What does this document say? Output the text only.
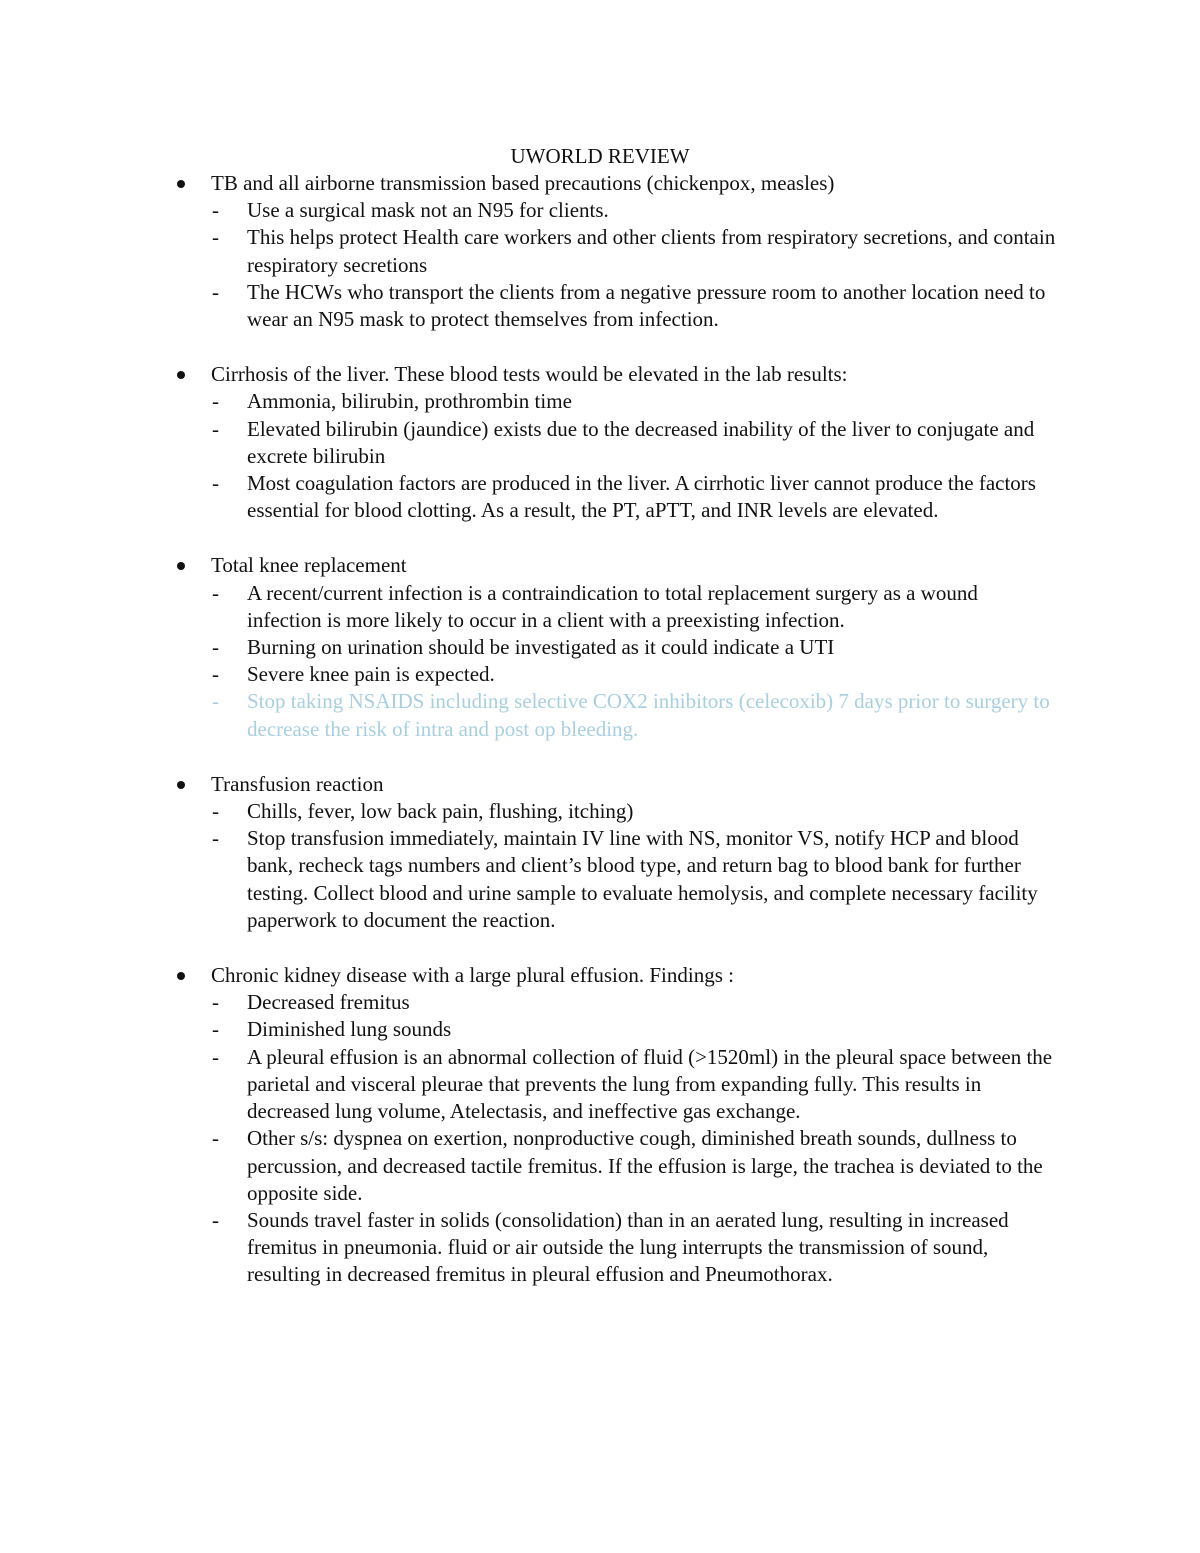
UWORLD REVIEW
TB and all airborne transmission based precautions (chickenpox, measles)
- Use a surgical mask not an N95 for clients.
- This helps protect Health care workers and other clients from respiratory secretions, and contain respiratory secretions
- The HCWs who transport the clients from a negative pressure room to another location need to wear an N95 mask to protect themselves from infection.
Cirrhosis of the liver. These blood tests would be elevated in the lab results:
- Ammonia, bilirubin, prothrombin time
- Elevated bilirubin (jaundice) exists due to the decreased inability of the liver to conjugate and excrete bilirubin
- Most coagulation factors are produced in the liver. A cirrhotic liver cannot produce the factors essential for blood clotting. As a result, the PT, aPTT, and INR levels are elevated.
Total knee replacement
- A recent/current infection is a contraindication to total replacement surgery as a wound infection is more likely to occur in a client with a preexisting infection.
- Burning on urination should be investigated as it could indicate a UTI
- Severe knee pain is expected.
- Stop taking NSAIDS including selective COX2 inhibitors (celecoxib) 7 days prior to surgery to decrease the risk of intra and post op bleeding.
Transfusion reaction
- Chills, fever, low back pain, flushing, itching)
- Stop transfusion immediately, maintain IV line with NS, monitor VS, notify HCP and blood bank, recheck tags numbers and client’s blood type, and return bag to blood bank for further testing. Collect blood and urine sample to evaluate hemolysis, and complete necessary facility paperwork to document the reaction.
Chronic kidney disease with a large plural effusion. Findings :
- Decreased fremitus
- Diminished lung sounds
- A pleural effusion is an abnormal collection of fluid (>1520ml) in the pleural space between the parietal and visceral pleurae that prevents the lung from expanding fully. This results in decreased lung volume, Atelectasis, and ineffective gas exchange.
- Other s/s: dyspnea on exertion, nonproductive cough, diminished breath sounds, dullness to percussion, and decreased tactile fremitus. If the effusion is large, the trachea is deviated to the opposite side.
- Sounds travel faster in solids (consolidation) than in an aerated lung, resulting in increased fremitus in pneumonia. fluid or air outside the lung interrupts the transmission of sound, resulting in decreased fremitus in pleural effusion and Pneumothorax.
